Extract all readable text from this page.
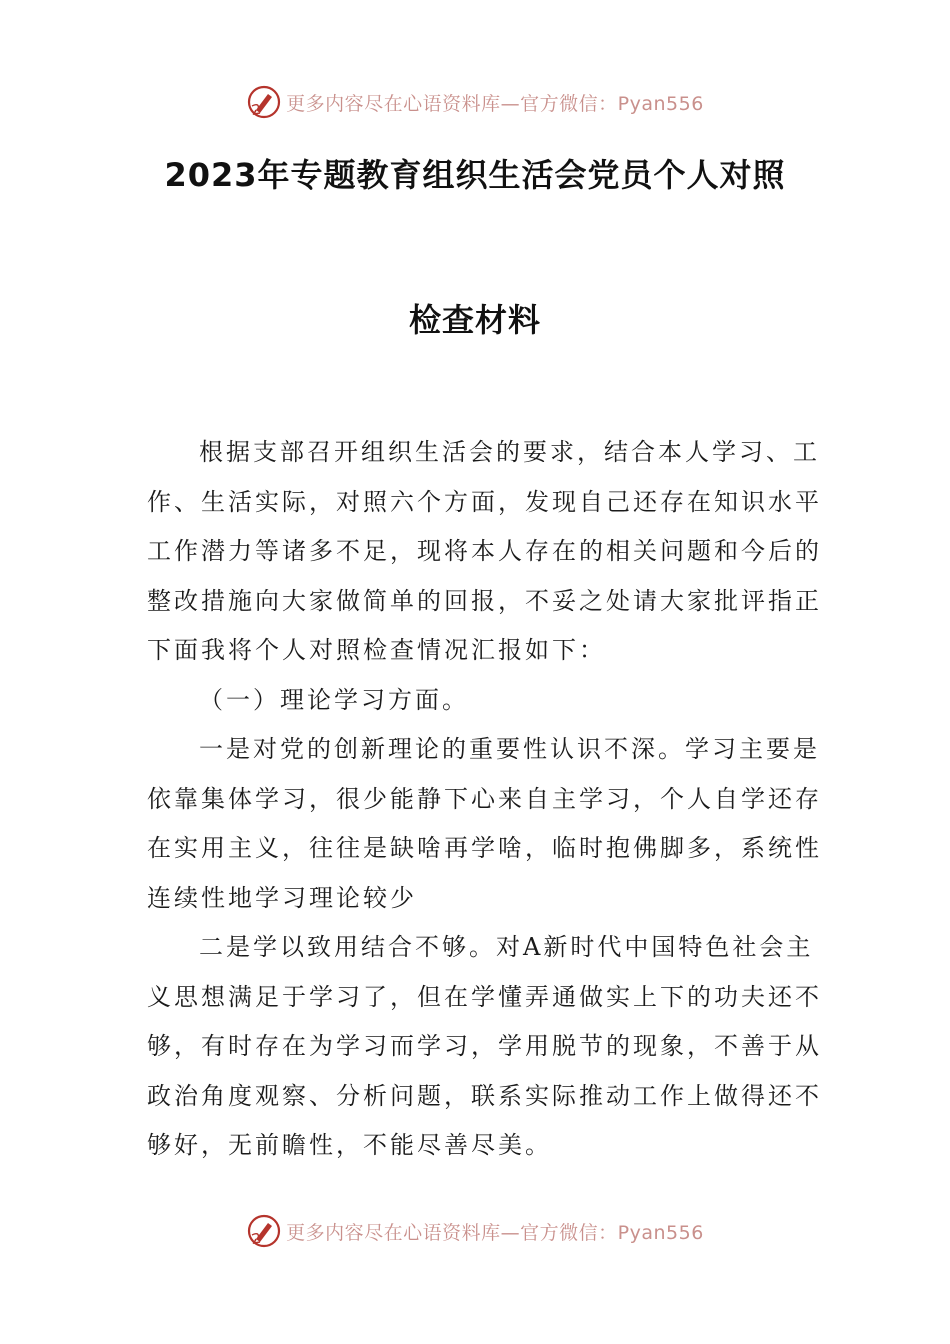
更多内容尽在心语资料库—官方微信：Pyan556
2023年专题教育组织生活会党员个人对照
检查材料
根据支部召开组织生活会的要求，结合本人学习、工
作、生活实际，对照六个方面，发现自己还存在知识水平
工作潜力等诸多不足，现将本人存在的相关问题和今后的
整改措施向大家做简单的回报，不妥之处请大家批评指正
下面我将个人对照检查情况汇报如下：
（一）理论学习方面。
一是对党的创新理论的重要性认识不深。学习主要是
依靠集体学习，很少能静下心来自主学习，个人自学还存
在实用主义，往往是缺啥再学啥，临时抱佛脚多，系统性
连续性地学习理论较少
二是学以致用结合不够。对A新时代中国特色社会主
义思想满足于学习了，但在学懂弄通做实上下的功夫还不
够，有时存在为学习而学习，学用脱节的现象，不善于从
政治角度观察、分析问题，联系实际推动工作上做得还不
够好，无前瞻性，不能尽善尽美。
更多内容尽在心语资料库—官方微信：Pyan556
